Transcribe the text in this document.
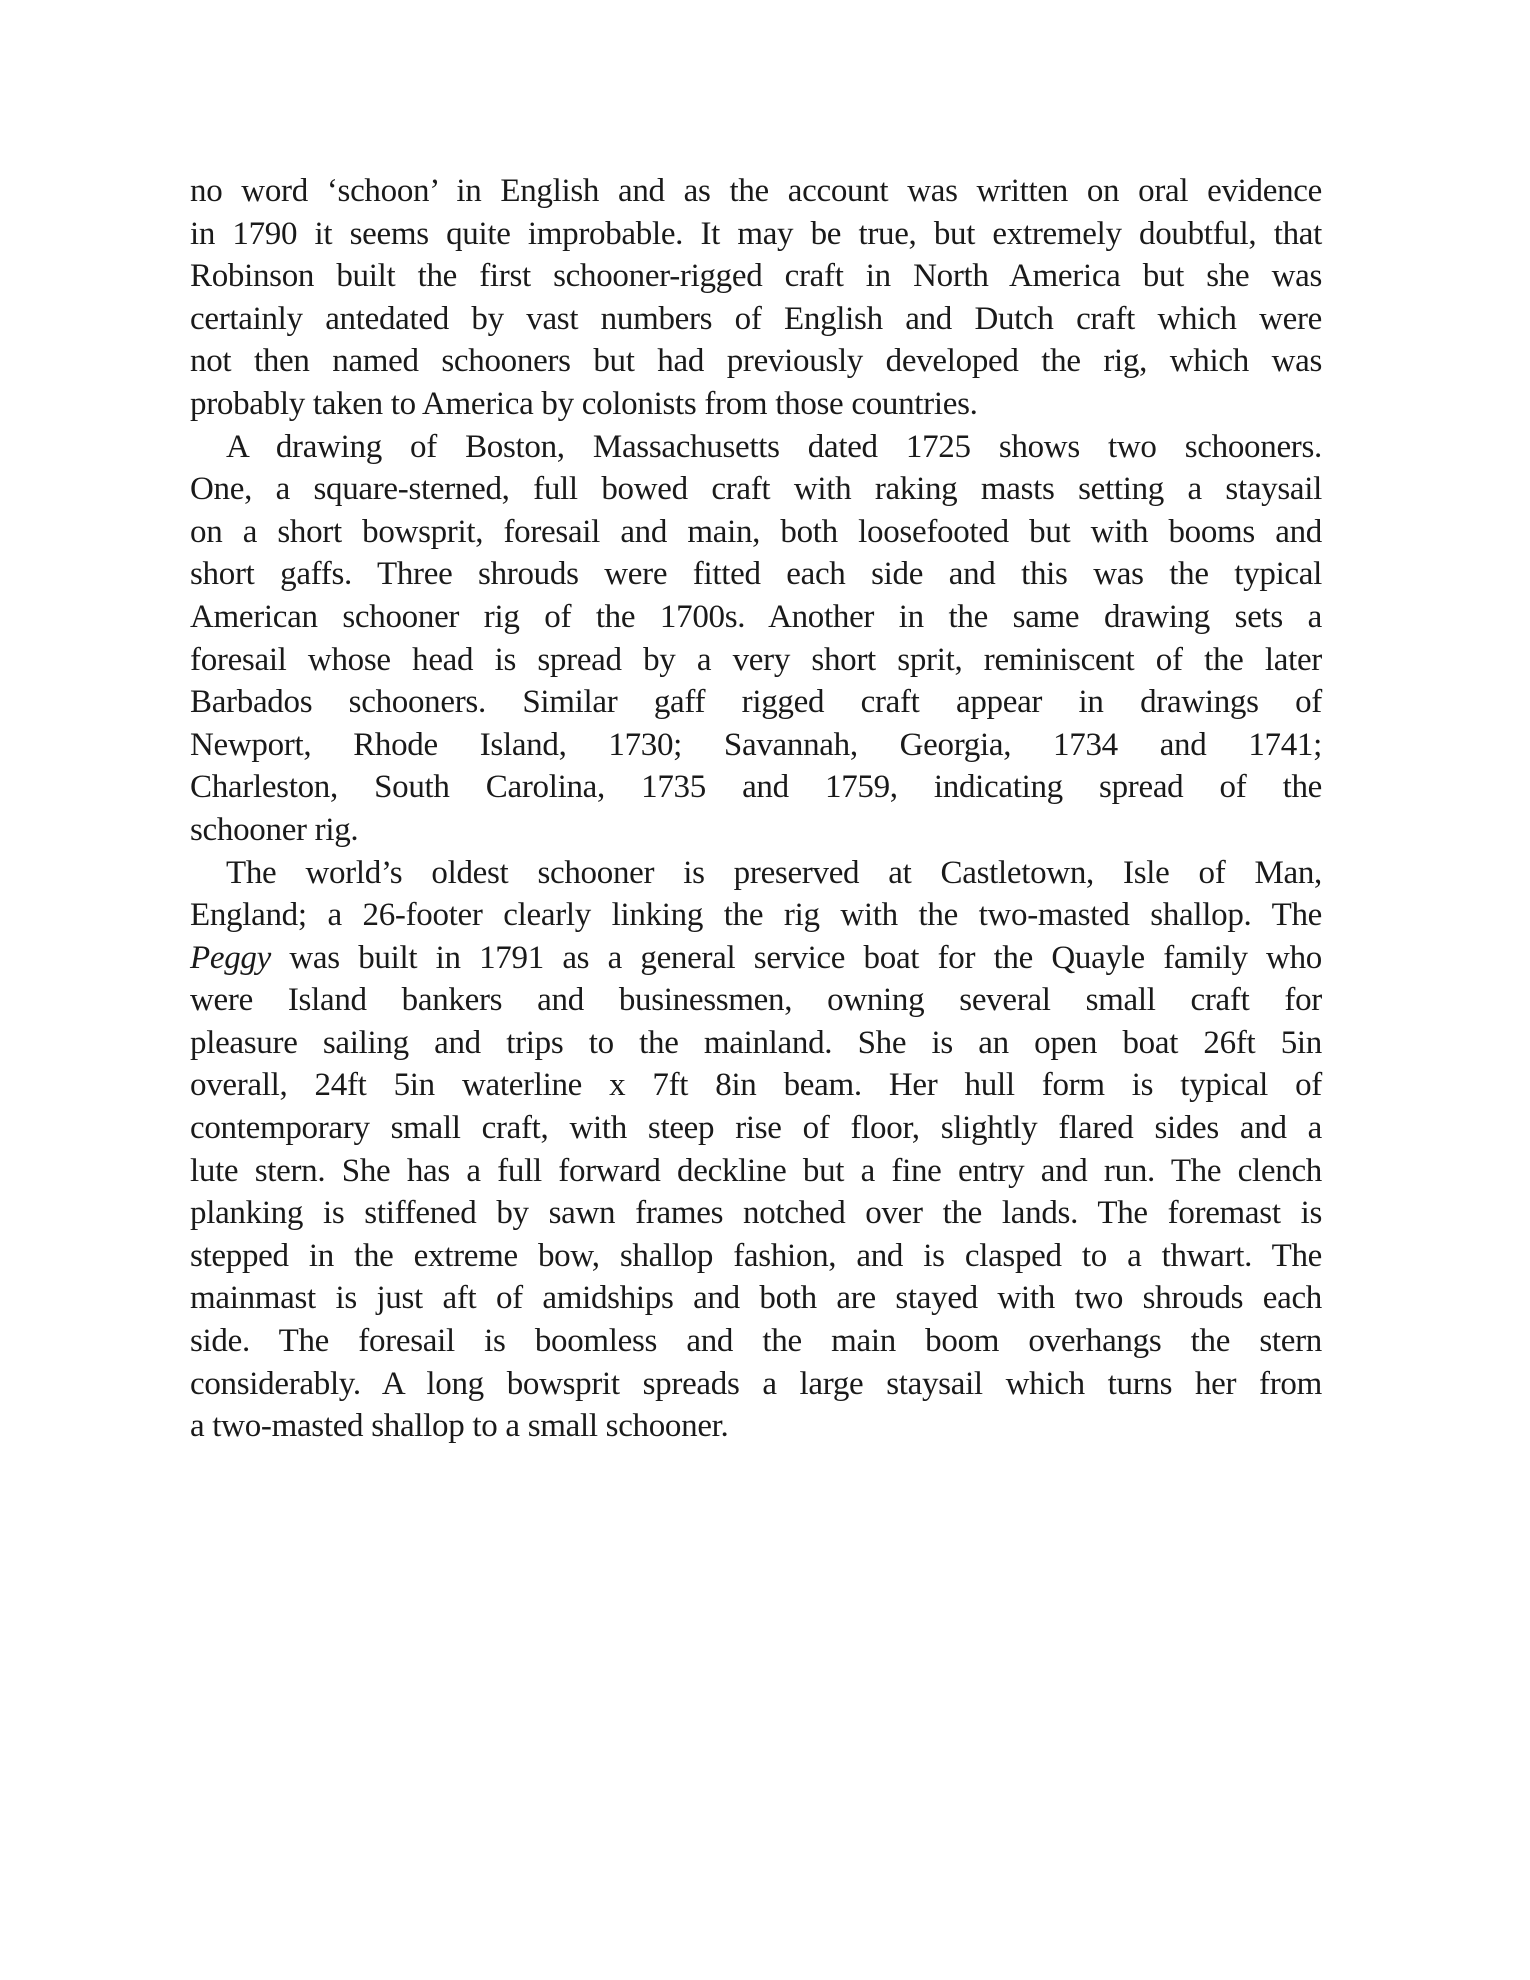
no word ‘schoon’ in English and as the account was written on oral evidence
in 1790 it seems quite improbable. It may be true, but extremely doubtful, that
Robinson built the first schooner-rigged craft in North America but she was
certainly antedated by vast numbers of English and Dutch craft which were
not then named schooners but had previously developed the rig, which was
probably taken to America by colonists from those countries.
A drawing of Boston, Massachusetts dated 1725 shows two schooners.
One, a square-sterned, full bowed craft with raking masts setting a staysail
on a short bowsprit, foresail and main, both loosefooted but with booms and
short gaffs. Three shrouds were fitted each side and this was the typical
American schooner rig of the 1700s. Another in the same drawing sets a
foresail whose head is spread by a very short sprit, reminiscent of the later
Barbados schooners. Similar gaff rigged craft appear in drawings of
Newport, Rhode Island, 1730; Savannah, Georgia, 1734 and 1741;
Charleston, South Carolina, 1735 and 1759, indicating spread of the
schooner rig.
The world’s oldest schooner is preserved at Castletown, Isle of Man,
England; a 26-footer clearly linking the rig with the two-masted shallop. The
Peggy was built in 1791 as a general service boat for the Quayle family who
were Island bankers and businessmen, owning several small craft for
pleasure sailing and trips to the mainland. She is an open boat 26ft 5in
overall, 24ft 5in waterline x 7ft 8in beam. Her hull form is typical of
contemporary small craft, with steep rise of floor, slightly flared sides and a
lute stern. She has a full forward deckline but a fine entry and run. The clench
planking is stiffened by sawn frames notched over the lands. The foremast is
stepped in the extreme bow, shallop fashion, and is clasped to a thwart. The
mainmast is just aft of amidships and both are stayed with two shrouds each
side. The foresail is boomless and the main boom overhangs the stern
considerably. A long bowsprit spreads a large staysail which turns her from
a two-masted shallop to a small schooner.
